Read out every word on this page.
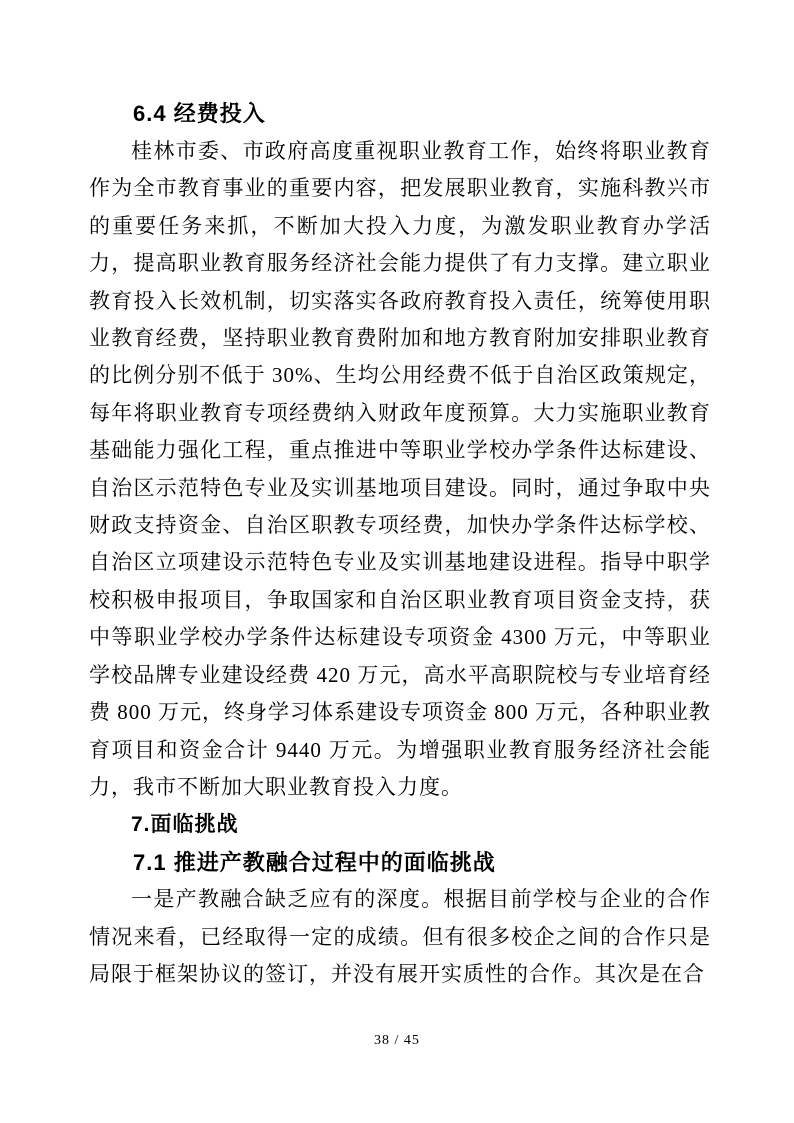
6.4 经费投入

桂林市委、市政府高度重视职业教育工作，始终将职业教育作为全市教育事业的重要内容，把发展职业教育，实施科教兴市的重要任务来抓，不断加大投入力度，为激发职业教育办学活力，提高职业教育服务经济社会能力提供了有力支撑。建立职业教育投入长效机制，切实落实各政府教育投入责任，统筹使用职业教育经费，坚持职业教育费附加和地方教育附加安排职业教育的比例分别不低于 30%、生均公用经费不低于自治区政策规定，每年将职业教育专项经费纳入财政年度预算。大力实施职业教育基础能力强化工程，重点推进中等职业学校办学条件达标建设、自治区示范特色专业及实训基地项目建设。同时，通过争取中央财政支持资金、自治区职教专项经费，加快办学条件达标学校、自治区立项建设示范特色专业及实训基地建设进程。指导中职学校积极申报项目，争取国家和自治区职业教育项目资金支持，获中等职业学校办学条件达标建设专项资金 4300 万元，中等职业学校品牌专业建设经费 420 万元，高水平高职院校与专业培育经费 800 万元，终身学习体系建设专项资金 800 万元，各种职业教育项目和资金合计 9440 万元。为增强职业教育服务经济社会能力，我市不断加大职业教育投入力度。

7.面临挑战
7.1 推进产教融合过程中的面临挑战

一是产教融合缺乏应有的深度。根据目前学校与企业的合作情况来看，已经取得一定的成绩。但有很多校企之间的合作只是局限于框架协议的签订，并没有展开实质性的合作。其次是在合

38 / 45
